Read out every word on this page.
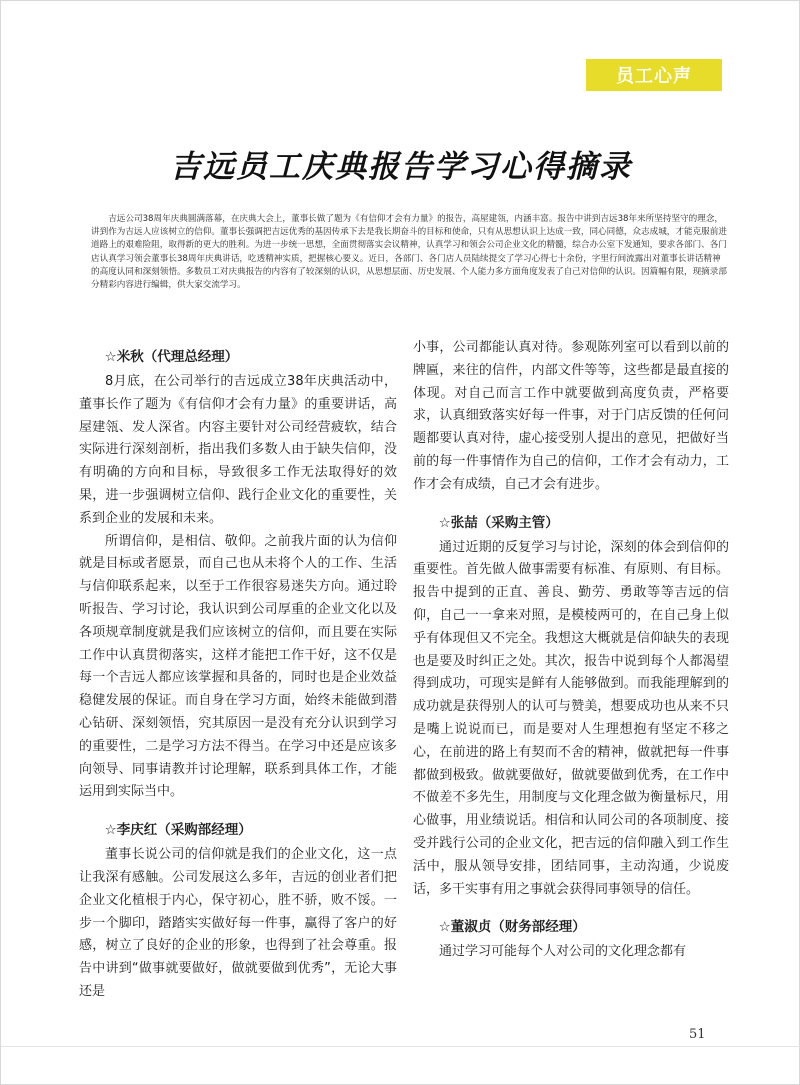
员工心声
吉远员工庆典报告学习心得摘录

吉远公司38周年庆典圆满落幕，在庆典大会上，董事长做了题为《有信仰才会有力量》的报告，高屋建瓴，内涵丰富。报告中讲到吉远38年来所坚持坚守的理念，讲到作为吉远人应该树立的信仰。董事长强调把吉远优秀的基因传承下去是我长期奋斗的目标和使命，只有从思想认识上达成一致，同心同德，众志成城，才能克服前进道路上的艰难险阻，取得新的更大的胜利。为进一步统一思想，全面贯彻落实会议精神，认真学习和领会公司企业文化的精髓，综合办公室下发通知，要求各部门、各门店认真学习领会董事长38周年庆典讲话，吃透精神实质，把握核心要义。近日，各部门、各门店人员陆续提交了学习心得七十余份，字里行间流露出对董事长讲话精神的高度认同和深刻领悟。多数员工对庆典报告的内容有了较深刻的认识，从思想层面、历史发展、个人能力多方面角度发表了自己对信仰的认识。因篇幅有限，现摘录部分精彩内容进行编辑，供大家交流学习。

☆米秋（代理总经理）

8月底，在公司举行的吉远成立38年庆典活动中，董事长作了题为《有信仰才会有力量》的重要讲话，高屋建瓴、发人深省。内容主要针对公司经营疲软，结合实际进行深刻剖析，指出我们多数人由于缺失信仰，没有明确的方向和目标，导致很多工作无法取得好的效果，进一步强调树立信仰、践行企业文化的重要性，关系到企业的发展和未来。

所谓信仰，是相信、敬仰。之前我片面的认为信仰就是目标或者愿景，而自己也从未将个人的工作、生活与信仰联系起来，以至于工作很容易迷失方向。通过聆听报告、学习讨论，我认识到公司厚重的企业文化以及各项规章制度就是我们应该树立的信仰，而且要在实际工作中认真贯彻落实，这样才能把工作干好，这不仅是每一个吉远人都应该掌握和具备的，同时也是企业效益稳健发展的保证。而自身在学习方面，始终未能做到潜心钻研、深刻领悟，究其原因一是没有充分认识到学习的重要性，二是学习方法不得当。在学习中还是应该多向领导、同事请教并讨论理解，联系到具体工作，才能运用到实际当中。

☆李庆红（采购部经理）

董事长说公司的信仰就是我们的企业文化，这一点让我深有感触。公司发展这么多年，吉远的创业者们把企业文化植根于内心，保守初心，胜不骄，败不馁。一步一个脚印，踏踏实实做好每一件事，赢得了客户的好感，树立了良好的企业的形象，也得到了社会尊重。报告中讲到“做事就要做好，做就要做到优秀”，无论大事还是

小事，公司都能认真对待。参观陈列室可以看到以前的牌匾，来往的信件，内部文件等等，这些都是最直接的体现。对自己而言工作中就要做到高度负责，严格要求，认真细致落实好每一件事，对于门店反馈的任何问题都要认真对待，虚心接受别人提出的意见，把做好当前的每一件事情作为自己的信仰，工作才会有动力，工作才会有成绩，自己才会有进步。

☆张喆（采购主管）

通过近期的反复学习与讨论，深刻的体会到信仰的重要性。首先做人做事需要有标准、有原则、有目标。报告中提到的正直、善良、勤劳、勇敢等等吉远的信仰，自己一一拿来对照，是模棱两可的，在自己身上似乎有体现但又不完全。我想这大概就是信仰缺失的表现也是要及时纠正之处。其次，报告中说到每个人都渴望得到成功，可现实是鲜有人能够做到。而我能理解到的成功就是获得别人的认可与赞美，想要成功也从来不只是嘴上说说而已，而是要对人生理想抱有坚定不移之心，在前进的路上有契而不舍的精神，做就把每一件事都做到极致。做就要做好，做就要做到优秀，在工作中不做差不多先生，用制度与文化理念做为衡量标尺，用心做事，用业绩说话。相信和认同公司的各项制度、接受并践行公司的企业文化，把吉远的信仰融入到工作生活中，服从领导安排，团结同事，主动沟通，少说废话，多干实事有用之事就会获得同事领导的信任。

☆董淑贞（财务部经理）

通过学习可能每个人对公司的文化理念都有

51
